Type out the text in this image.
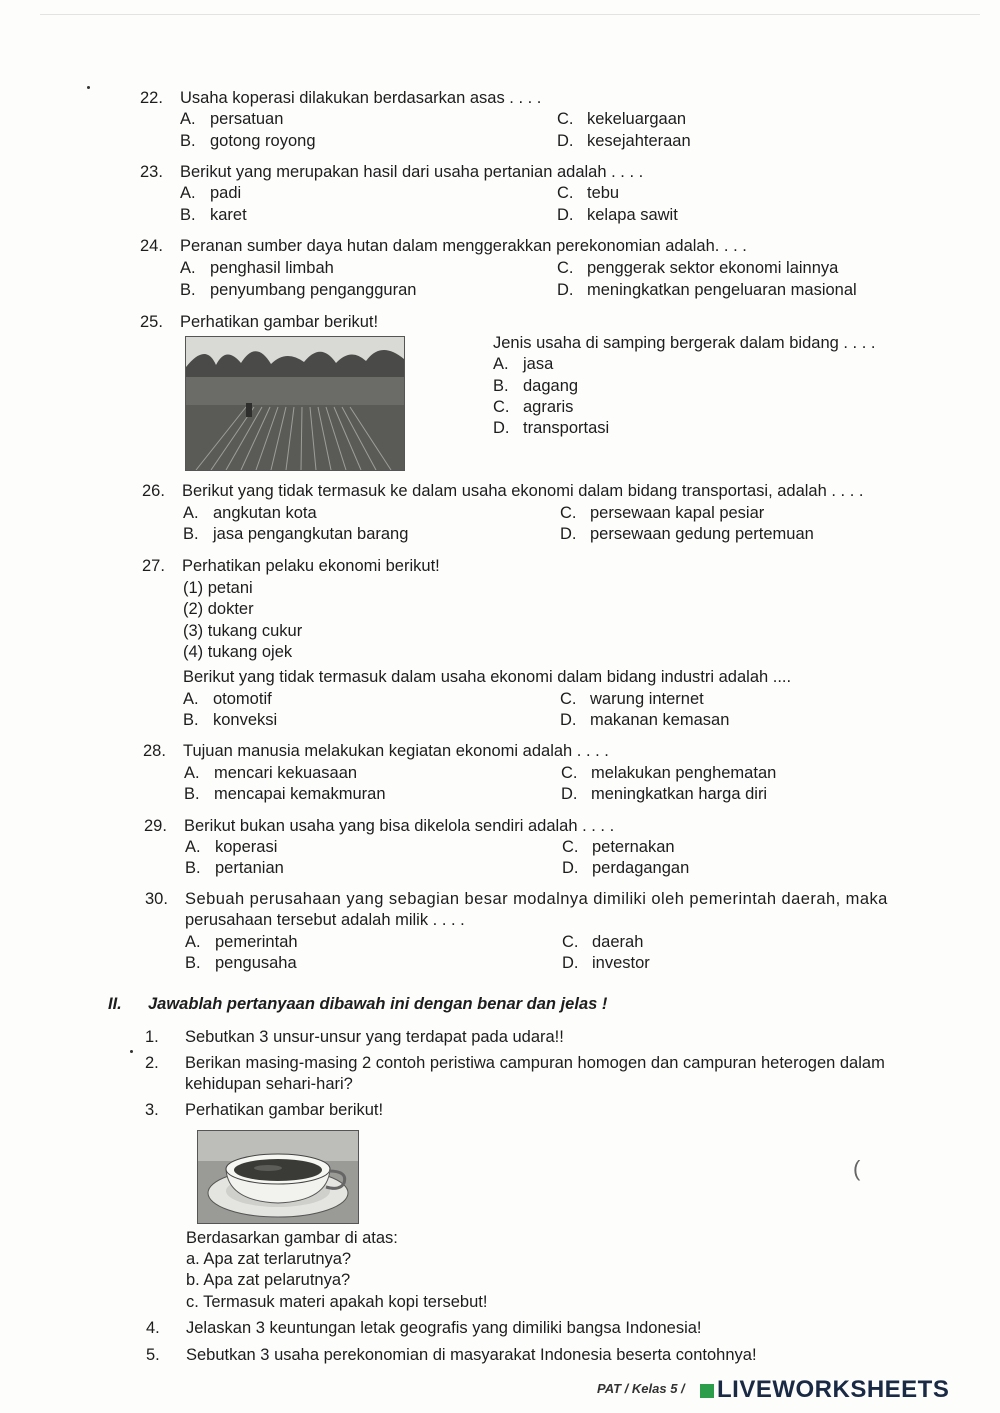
22.	Usaha koperasi dilakukan berdasarkan asas . . . .
A. persatuan	C. kekeluargaan
B. gotong royong	D. kesejahteraan
23.	Berikut yang merupakan hasil dari usaha pertanian adalah . . . .
A. padi	C. tebu
B. karet	D. kelapa sawit
24.	Peranan sumber daya hutan dalam menggerakkan perekonomian adalah. . . .
A. penghasil limbah	C. penggerak sektor ekonomi lainnya
B. penyumbang pengangguran	D. meningkatkan pengeluaran masional
25.	Perhatikan gambar berikut!
Jenis usaha di samping bergerak dalam bidang . . . .
A. jasa
B. dagang
C. agraris
D. transportasi
26.	Berikut yang tidak termasuk ke dalam usaha ekonomi dalam bidang transportasi, adalah . . . .
A. angkutan kota	C. persewaan kapal pesiar
B. jasa pengangkutan barang	D. persewaan gedung pertemuan
27.	Perhatikan pelaku ekonomi berikut!
(1) petani
(2) dokter
(3) tukang cukur
(4) tukang ojek
Berikut yang tidak termasuk dalam usaha ekonomi dalam bidang industri adalah ....
A. otomotif	C. warung internet
B. konveksi	D. makanan kemasan
28.	Tujuan manusia melakukan kegiatan ekonomi adalah . . . .
A. mencari kekuasaan	C. melakukan penghematan
B. mencapai kemakmuran	D. meningkatkan harga diri
29.	Berikut bukan usaha yang bisa dikelola sendiri adalah . . . .
A. koperasi	C. peternakan
B. pertanian	D. perdagangan
30.	Sebuah perusahaan yang sebagian besar modalnya dimiliki oleh pemerintah daerah, maka
perusahaan tersebut adalah milik . . . .
A. pemerintah	C. daerah
B. pengusaha	D. investor
II. Jawablah pertanyaan dibawah ini dengan benar dan jelas !
1.	Sebutkan 3 unsur-unsur yang terdapat pada udara!!
2.	Berikan masing-masing 2 contoh peristiwa campuran homogen dan campuran heterogen dalam
kehidupan sehari-hari?
3.	Perhatikan gambar berikut!
Berdasarkan gambar di atas:
a. Apa zat terlarutnya?
b. Apa zat pelarutnya?
c. Termasuk materi apakah kopi tersebut!
4.	Jelaskan 3 keuntungan letak geografis yang dimiliki bangsa Indonesia!
5.	Sebutkan 3 usaha perekonomian di masyarakat Indonesia beserta contohnya!
(
PAT / Kelas 5 /	LIVEWORKSHEETS
